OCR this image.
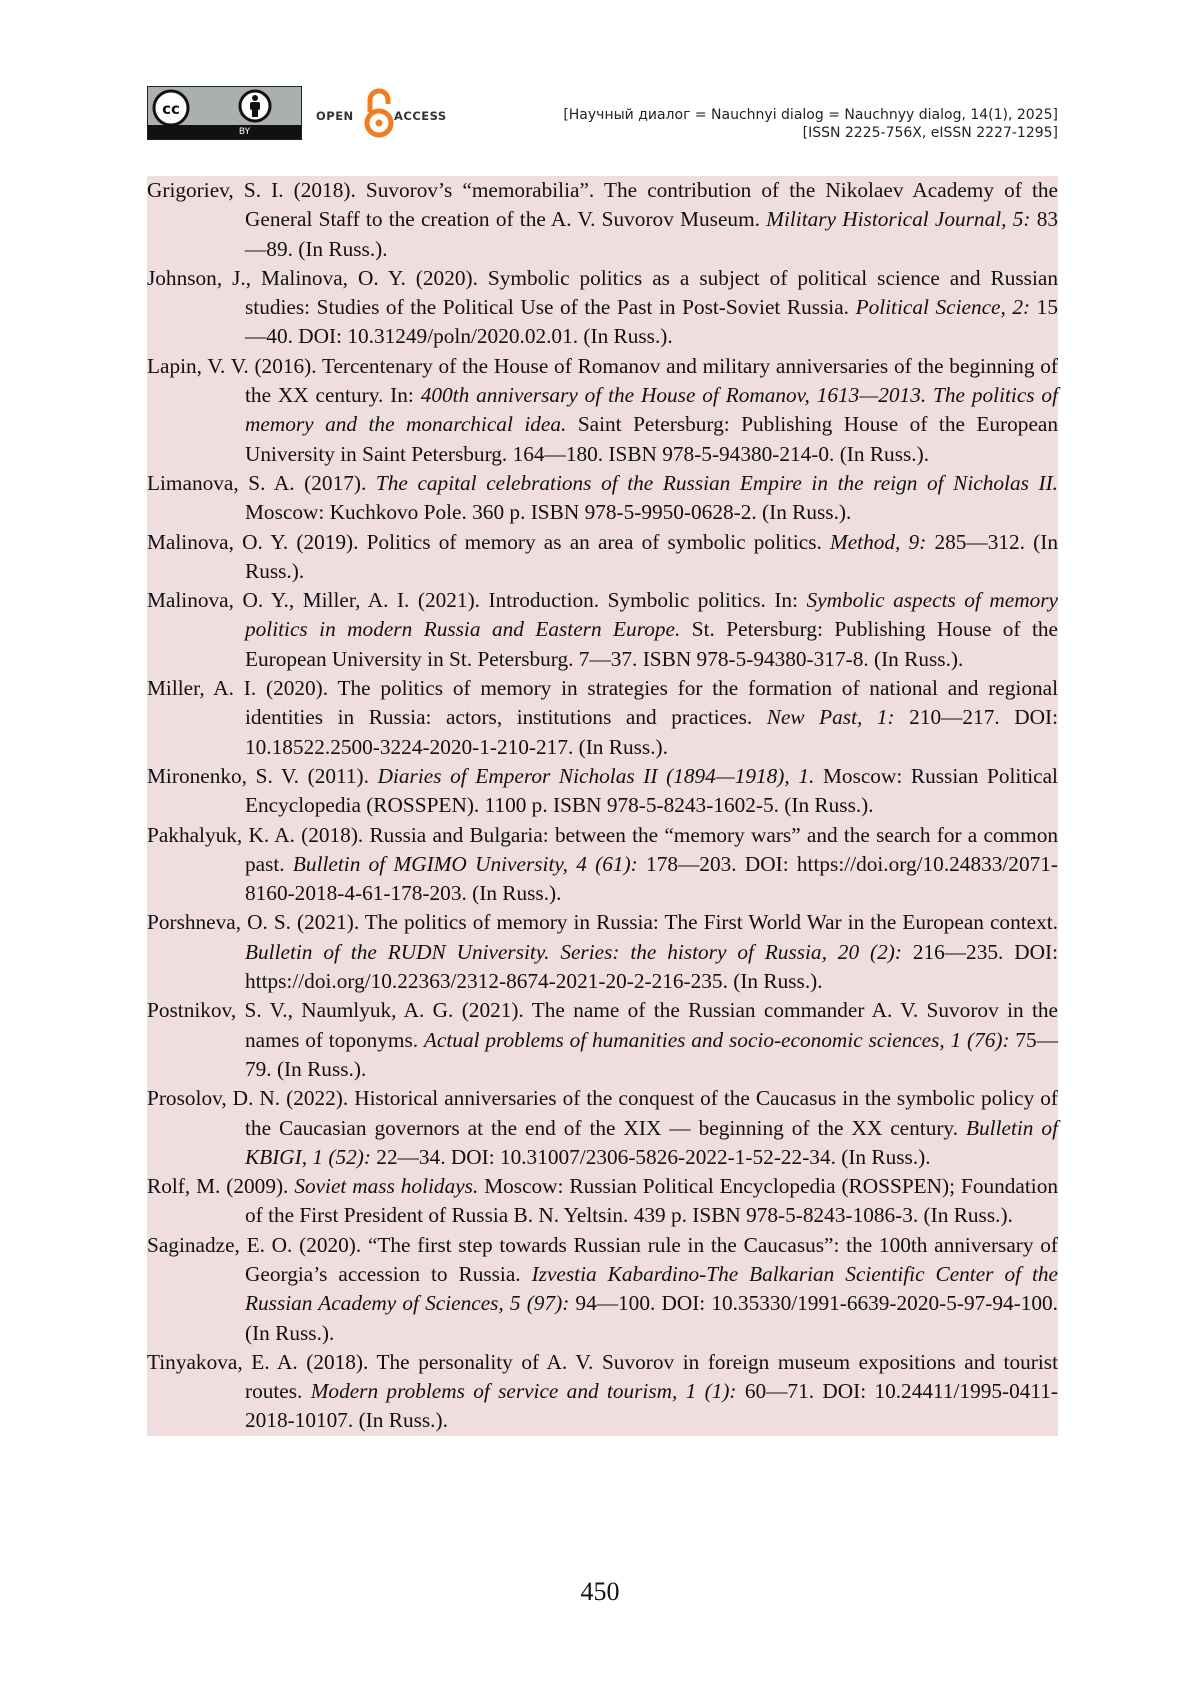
cc
BY
OPEN	ACCESS	[Научный диалог = Nauchnyi dialog = Nauchnyy dialog, 14(1), 2025]
[ISSN 2225-756X, eISSN 2227-1295]

Grigoriev, S. I. (2018). Suvorov’s “memorabilia”. The contribution of the Nikolaev Academy of the General Staff to the creation of the A. V. Suvorov Museum. Military Historical Journal, 5: 83—89. (In Russ.).

Johnson, J., Malinova, O. Y. (2020). Symbolic politics as a subject of political science and Russian studies: Studies of the Political Use of the Past in Post-Soviet Russia. Political Science, 2: 15—40. DOI: 10.31249/poln/2020.02.01. (In Russ.).

Lapin, V. V. (2016). Tercentenary of the House of Romanov and military anniversaries of the beginning of the XX century. In: 400th anniversary of the House of Romanov, 1613—2013. The politics of memory and the monarchical idea. Saint Petersburg: Publishing House of the European University in Saint Petersburg. 164—180. ISBN 978-5-94380-214-0. (In Russ.).

Limanova, S. A. (2017). The capital celebrations of the Russian Empire in the reign of Nicholas II. Moscow: Kuchkovo Pole. 360 p. ISBN 978-5-9950-0628-2. (In Russ.).

Malinova, O. Y. (2019). Politics of memory as an area of symbolic politics. Method, 9: 285—312. (In Russ.).

Malinova, O. Y., Miller, A. I. (2021). Introduction. Symbolic politics. In: Symbolic aspects of memory politics in modern Russia and Eastern Europe. St. Petersburg: Publishing House of the European University in St. Petersburg. 7—37. ISBN 978-5-94380-317-8. (In Russ.).

Miller, A. I. (2020). The politics of memory in strategies for the formation of national and regional identities in Russia: actors, institutions and practices. New Past, 1: 210—217. DOI: 10.18522.2500-3224-2020-1-210-217. (In Russ.).

Mironenko, S. V. (2011). Diaries of Emperor Nicholas II (1894—1918), 1. Moscow: Russian Political Encyclopedia (ROSSPEN). 1100 p. ISBN 978-5-8243-1602-5. (In Russ.).

Pakhalyuk, K. A. (2018). Russia and Bulgaria: between the “memory wars” and the search for a common past. Bulletin of MGIMO University, 4 (61): 178—203. DOI: https://doi.org/10.24833/2071-8160-2018-4-61-178-203. (In Russ.).

Porshneva, O. S. (2021). The politics of memory in Russia: The First World War in the European context. Bulletin of the RUDN University. Series: the history of Russia, 20 (2): 216—235. DOI: https://doi.org/10.22363/2312-8674-2021-20-2-216-235. (In Russ.).

Postnikov, S. V., Naumlyuk, A. G. (2021). The name of the Russian commander A. V. Suvorov in the names of toponyms. Actual problems of humanities and socio-economic sciences, 1 (76): 75—79. (In Russ.).

Prosolov, D. N. (2022). Historical anniversaries of the conquest of the Caucasus in the symbolic policy of the Caucasian governors at the end of the XIX — beginning of the XX century. Bulletin of KBIGI, 1 (52): 22—34. DOI: 10.31007/2306-5826-2022-1-52-22-34. (In Russ.).

Rolf, M. (2009). Soviet mass holidays. Moscow: Russian Political Encyclopedia (ROSSPEN); Foundation of the First President of Russia B. N. Yeltsin. 439 p. ISBN 978-5-8243-1086-3. (In Russ.).

Saginadze, E. O. (2020). “The first step towards Russian rule in the Caucasus”: the 100th anniversary of Georgia’s accession to Russia. Izvestia Kabardino-The Balkarian Scientific Center of the Russian Academy of Sciences, 5 (97): 94—100. DOI: 10.35330/1991-6639-2020-5-97-94-100. (In Russ.).

Tinyakova, E. A. (2018). The personality of A. V. Suvorov in foreign museum expositions and tourist routes. Modern problems of service and tourism, 1 (1): 60—71. DOI: 10.24411/1995-0411-2018-10107. (In Russ.).

450
